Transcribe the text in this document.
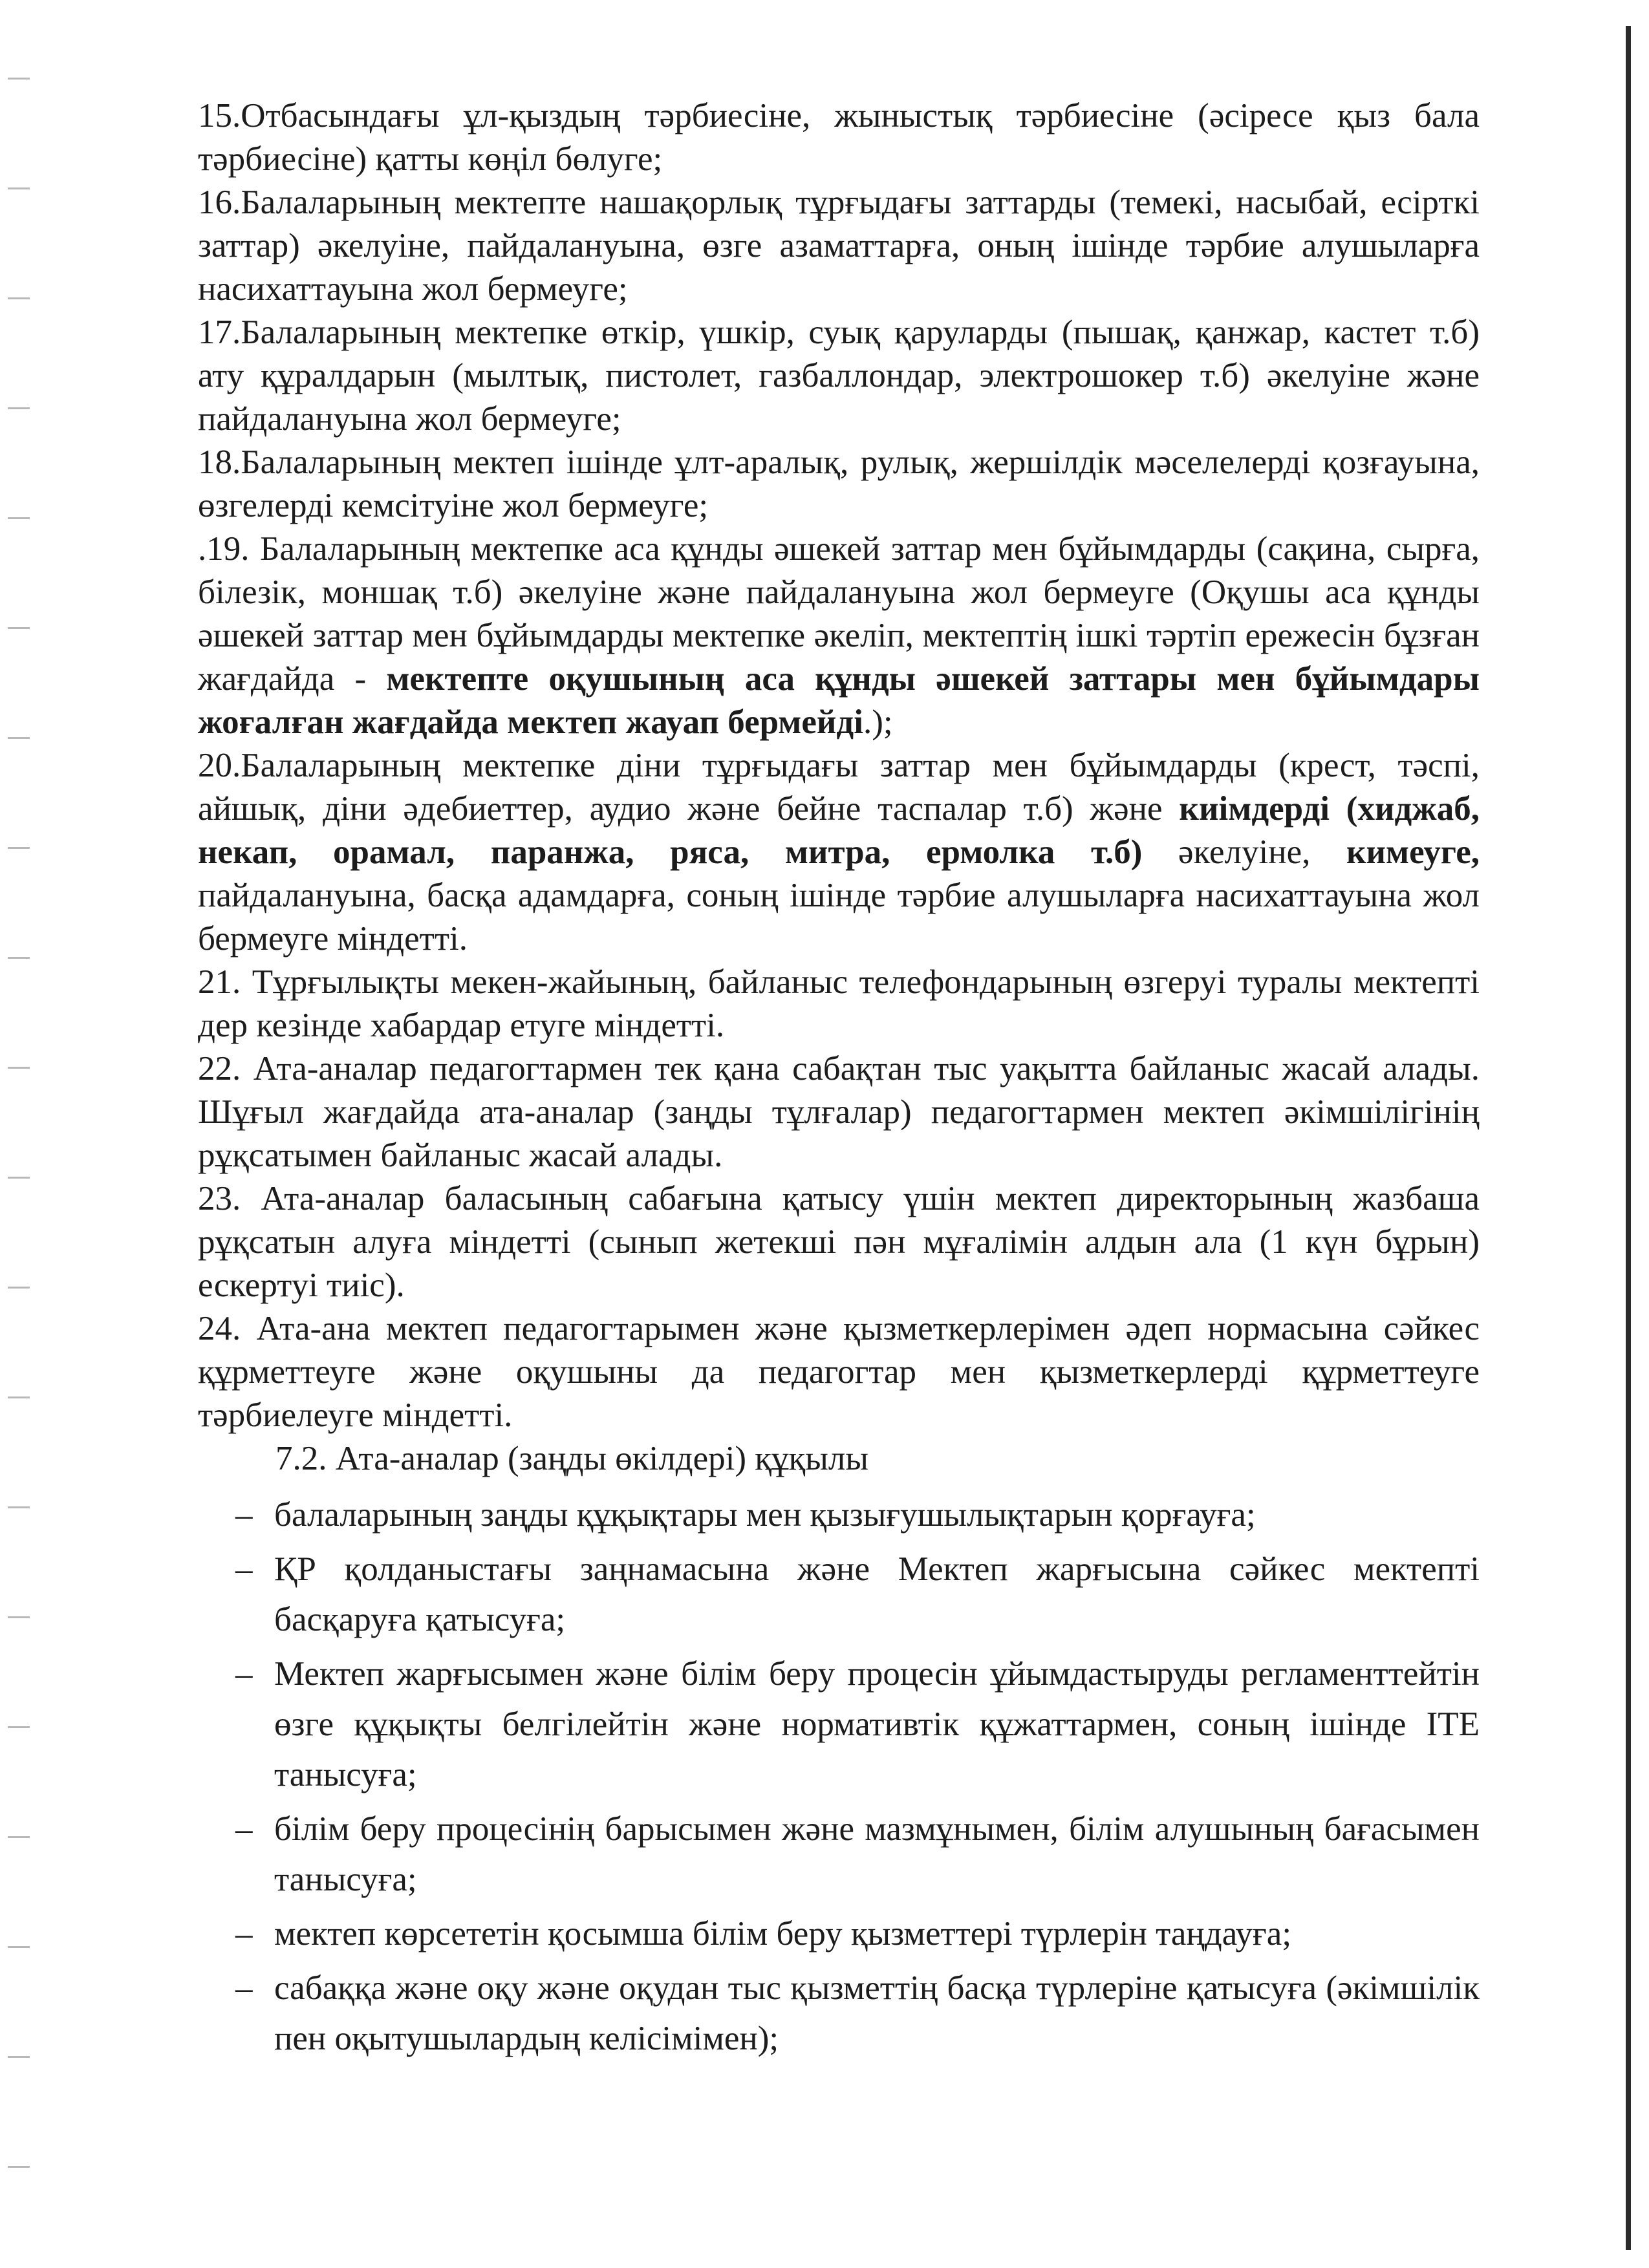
15.Отбасындағы ұл-қыздың тәрбиесіне, жыныстық тәрбиесіне (әсіресе қыз бала тәрбиесіне) қатты көңіл бөлуге;

16.Балаларының мектепте нашақорлық тұрғыдағы заттарды (темекі, насыбай, есірткі заттар) әкелуіне, пайдалануына, өзге азаматтарға, оның ішінде тәрбие алушыларға насихаттауына жол бермеуге;

17.Балаларының мектепке өткір, үшкір, суық қаруларды (пышақ, қанжар, кастет т.б) ату құралдарын (мылтық, пистолет, газбаллондар, электрошокер т.б) әкелуіне және пайдалануына жол бермеуге;

18.Балаларының мектеп ішінде ұлт-аралық, рулық, жершілдік мәселелерді қозғауына, өзгелерді кемсітуіне жол бермеуге;

.19. Балаларының мектепке аса құнды әшекей заттар мен бұйымдарды (сақина, сырға, білезік, моншақ т.б) әкелуіне және пайдалануына жол бермеуге (Оқушы аса құнды әшекей заттар мен бұйымдарды мектепке әкеліп, мектептің ішкі тәртіп ережесін бұзған жағдайда - мектепте оқушының аса құнды әшекей заттары мен бұйымдары жоғалған жағдайда мектеп жауап бермейді.);

20.Балаларының мектепке діни тұрғыдағы заттар мен бұйымдарды (крест, тәспі, айшық, діни әдебиеттер, аудио және бейне таспалар т.б) және киімдерді (хиджаб, некап, орамал, паранжа, ряса, митра, ермолка т.б) әкелуіне, кимеуге, пайдалануына, басқа адамдарға, соның ішінде тәрбие алушыларға насихаттауына жол бермеуге міндетті.

21. Тұрғылықты мекен-жайының, байланыс телефондарының өзгеруі туралы мектепті дер кезінде хабардар етуге міндетті.

22. Ата-аналар педагогтармен тек қана сабақтан тыс уақытта байланыс жасай алады. Шұғыл жағдайда ата-аналар (заңды тұлғалар) педагогтармен мектеп әкімшілігінің рұқсатымен байланыс жасай алады.

23. Ата-аналар баласының сабағына қатысу үшін мектеп директорының жазбаша рұқсатын алуға міндетті (сынып жетекші пән мұғалімін алдын ала (1 күн бұрын) ескертуі тиіс).

24. Ата-ана мектеп педагогтарымен және қызметкерлерімен әдеп нормасына сәйкес құрметтеуге және оқушыны да педагогтар мен қызметкерлерді құрметтеуге тәрбиелеуге міндетті.

7.2. Ата-аналар (заңды өкілдері) құқылы

– балаларының заңды құқықтары мен қызығушылықтарын қорғауға;
– ҚР қолданыстағы заңнамасына және Мектеп жарғысына сәйкес мектепті басқаруға қатысуға;
– Мектеп жарғысымен және білім беру процесін ұйымдастыруды регламенттейтін өзге құқықты белгілейтін және нормативтік құжаттармен, соның ішінде ІТЕ танысуға;
– білім беру процесінің барысымен және мазмұнымен, білім алушының бағасымен танысуға;
– мектеп көрсететін қосымша білім беру қызметтері түрлерін таңдауға;
– сабаққа және оқу және оқудан тыс қызметтің басқа түрлеріне қатысуға (әкімшілік пен оқытушылардың келісімімен);
